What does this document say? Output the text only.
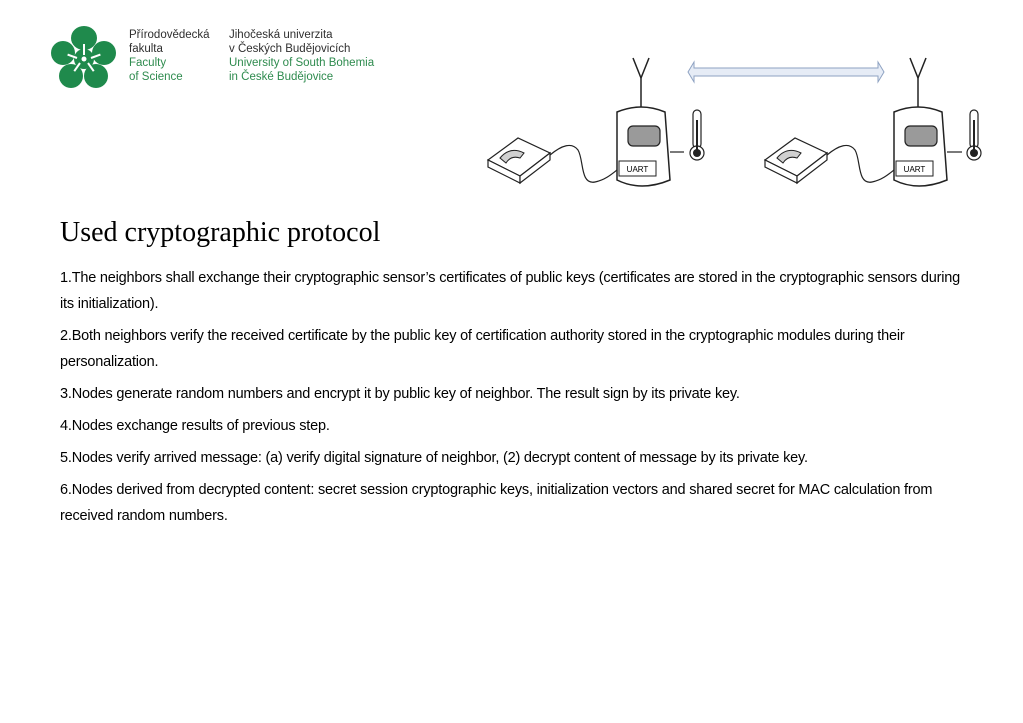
Přírodovědecká
fakulta
Faculty
of Science
Jihočeská univerzita
v Českých Budějovicích
University of South Bohemia
in České Budějovice
UART	UART
Used cryptographic protocol

1.The neighbors shall exchange their cryptographic sensor’s certificates of public keys (certificates are stored in the cryptographic sensors during its initialization).

2.Both neighbors verify the received certificate by the public key of certification authority stored in the cryptographic modules during their personalization.

3.Nodes generate random numbers and encrypt it by public key of neighbor. The result sign by its private key.

4.Nodes exchange results of previous step.

5.Nodes verify arrived message: (a) verify digital signature of neighbor, (2) decrypt content of message by its private key.

6.Nodes derived from decrypted content: secret session cryptographic keys, initialization vectors and shared secret for MAC calculation from received random numbers.
